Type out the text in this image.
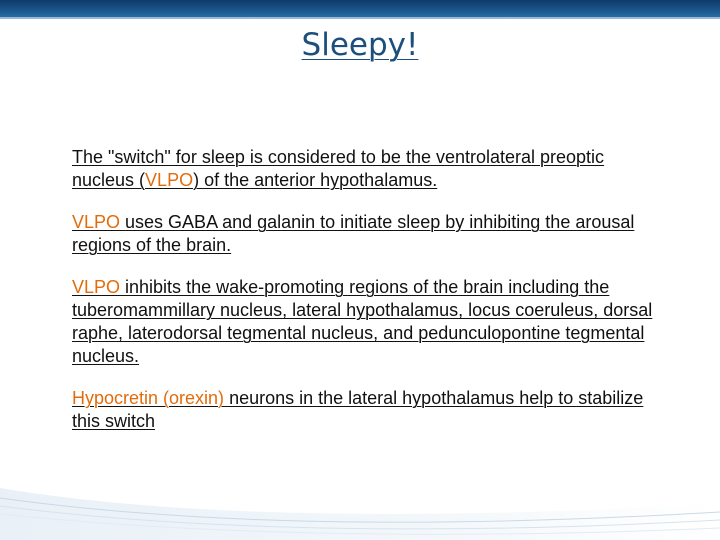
Sleepy!

The "switch" for sleep is considered to be the ventrolateral preoptic nucleus (VLPO) of the anterior hypothalamus.

VLPO uses GABA and galanin to initiate sleep by inhibiting the arousal regions of the brain.

VLPO inhibits the wake-promoting regions of the brain including the tuberomammillary nucleus, lateral hypothalamus, locus coeruleus, dorsal raphe, laterodorsal tegmental nucleus, and pedunculopontine tegmental nucleus.

Hypocretin (orexin) neurons in the lateral hypothalamus help to stabilize this switch
